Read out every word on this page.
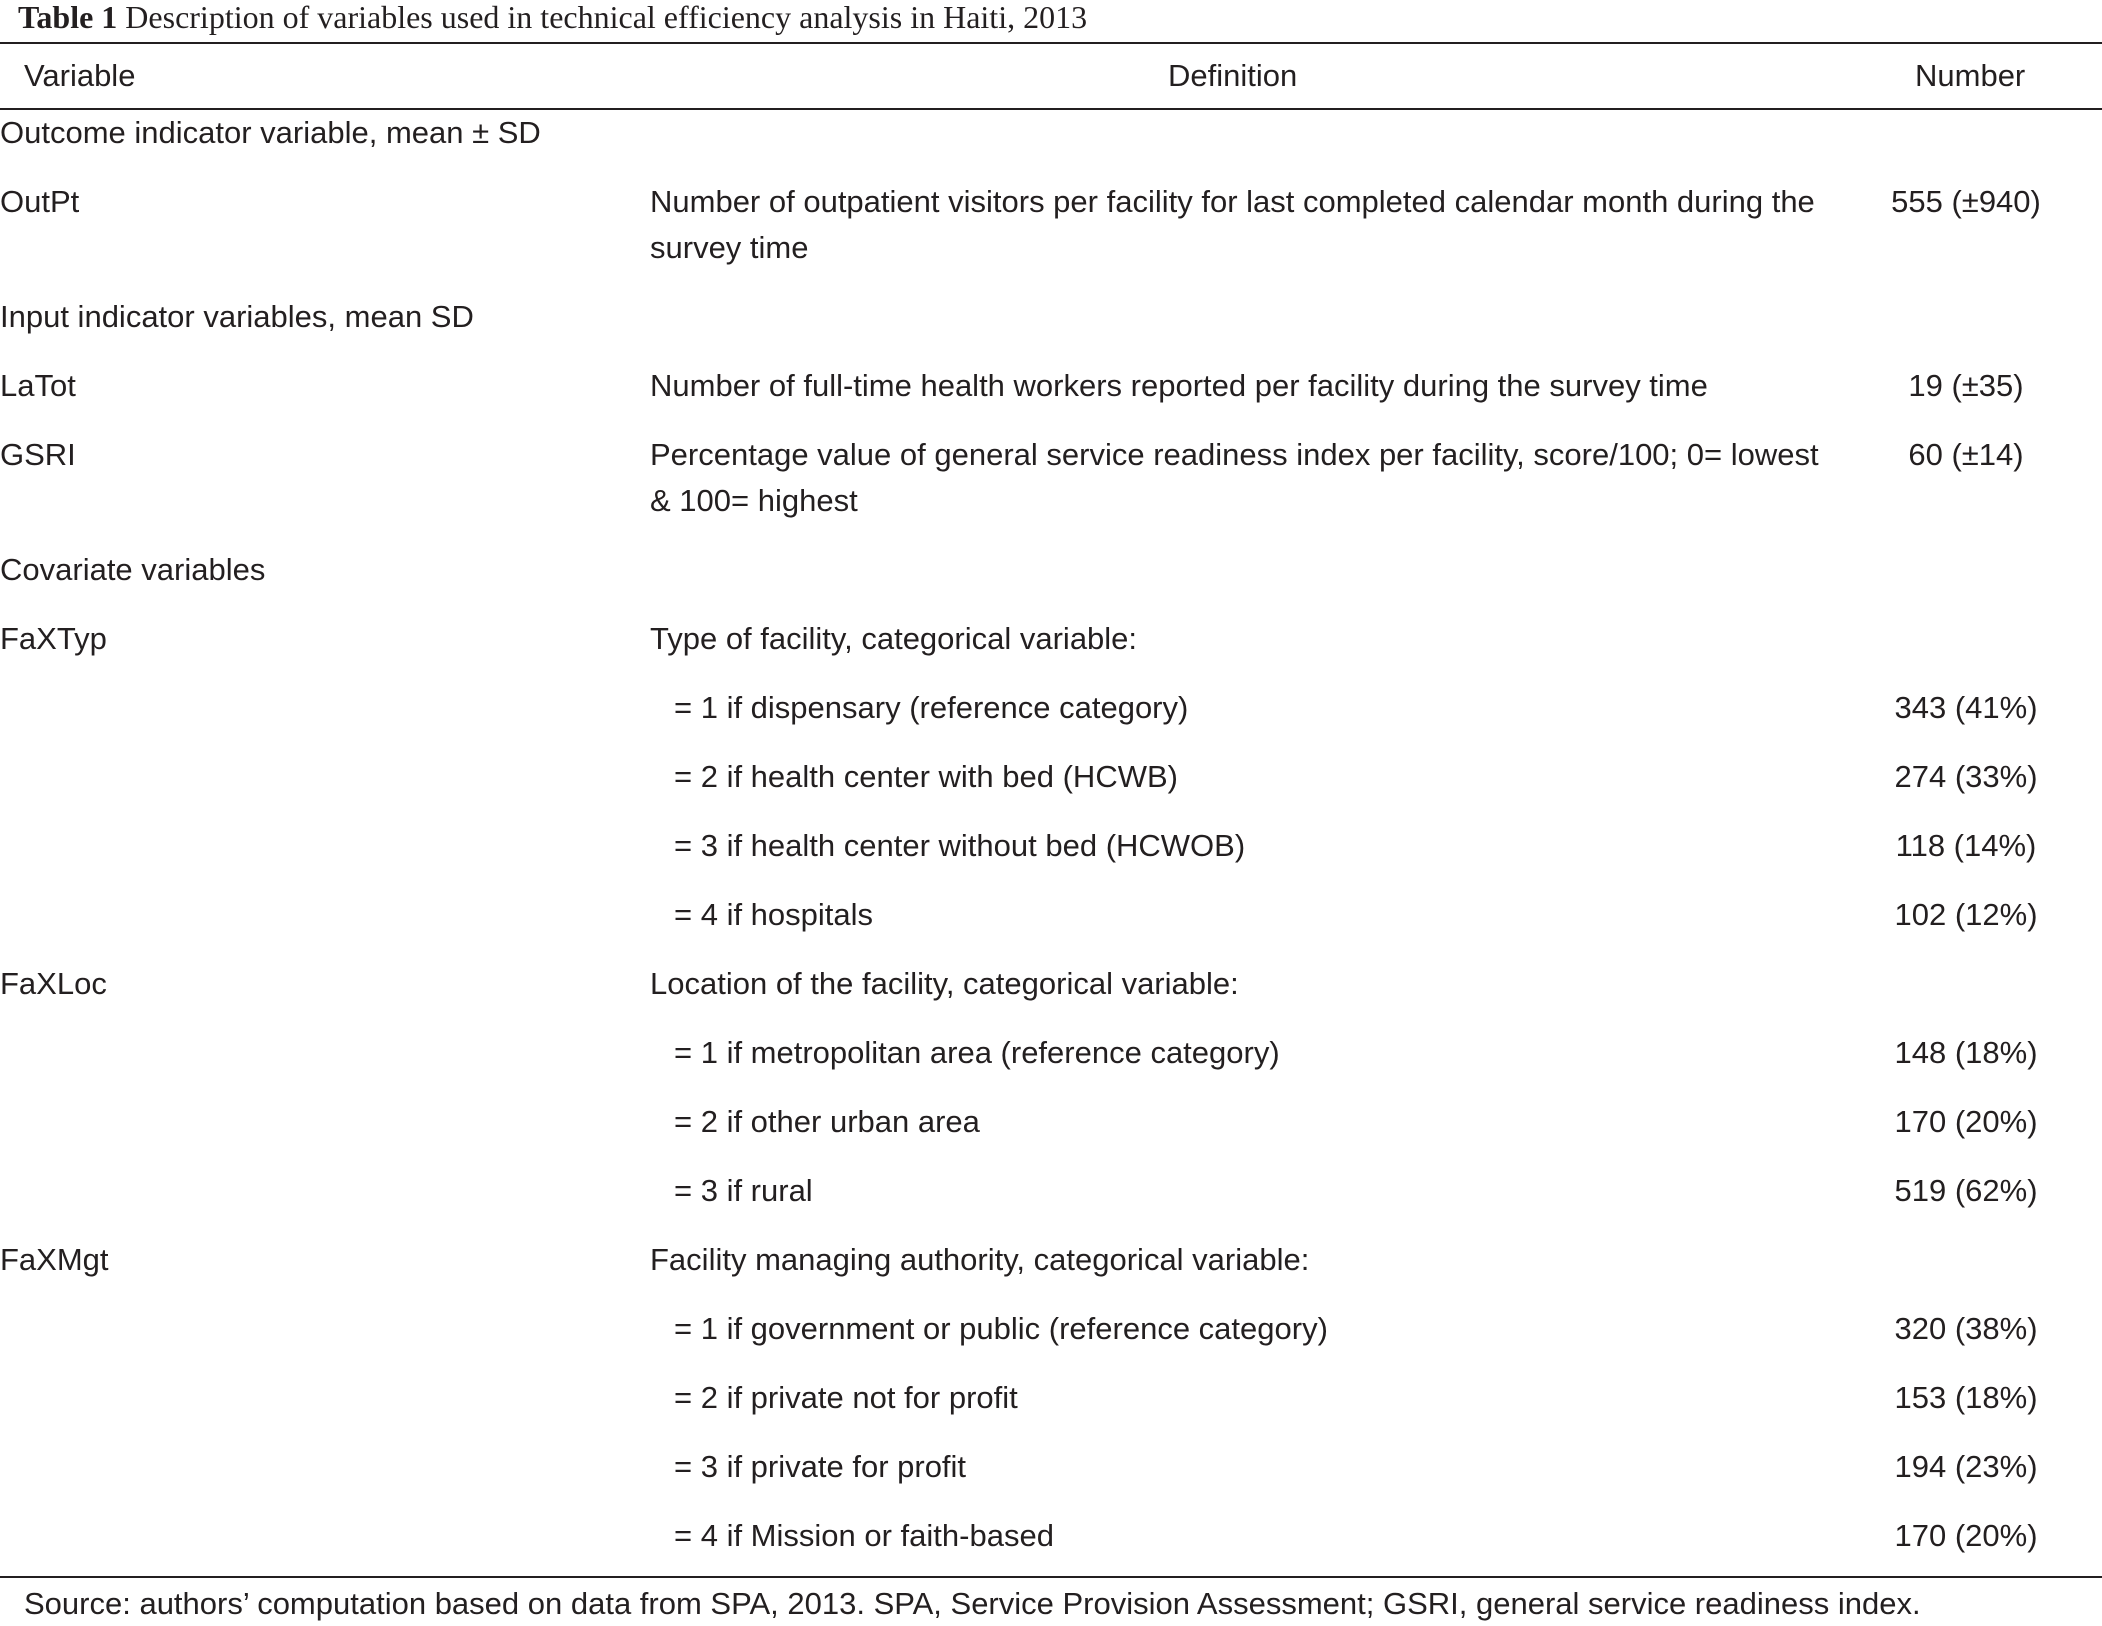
Table 1 Description of variables used in technical efficiency analysis in Haiti, 2013
Variable	Definition	Number
Outcome indicator variable, mean ± SD		
OutPt	Number of outpatient visitors per facility for last completed calendar month during the survey time	555 (±940)
Input indicator variables, mean SD		
LaTot	Number of full-time health workers reported per facility during the survey time	19 (±35)
GSRI	Percentage value of general service readiness index per facility, score/100; 0= lowest & 100= highest	60 (±14)
Covariate variables		
FaXTyp	Type of facility, categorical variable:	
	= 1 if dispensary (reference category)	343 (41%)
	= 2 if health center with bed (HCWB)	274 (33%)
	= 3 if health center without bed (HCWOB)	118 (14%)
	= 4 if hospitals	102 (12%)
FaXLoc	Location of the facility, categorical variable:	
	= 1 if metropolitan area (reference category)	148 (18%)
	= 2 if other urban area	170 (20%)
	= 3 if rural	519 (62%)
FaXMgt	Facility managing authority, categorical variable:	
	= 1 if government or public (reference category)	320 (38%)
	= 2 if private not for profit	153 (18%)
	= 3 if private for profit	194 (23%)
	= 4 if Mission or faith-based	170 (20%)
Source: authors’ computation based on data from SPA, 2013. SPA, Service Provision Assessment; GSRI, general service readiness index.
